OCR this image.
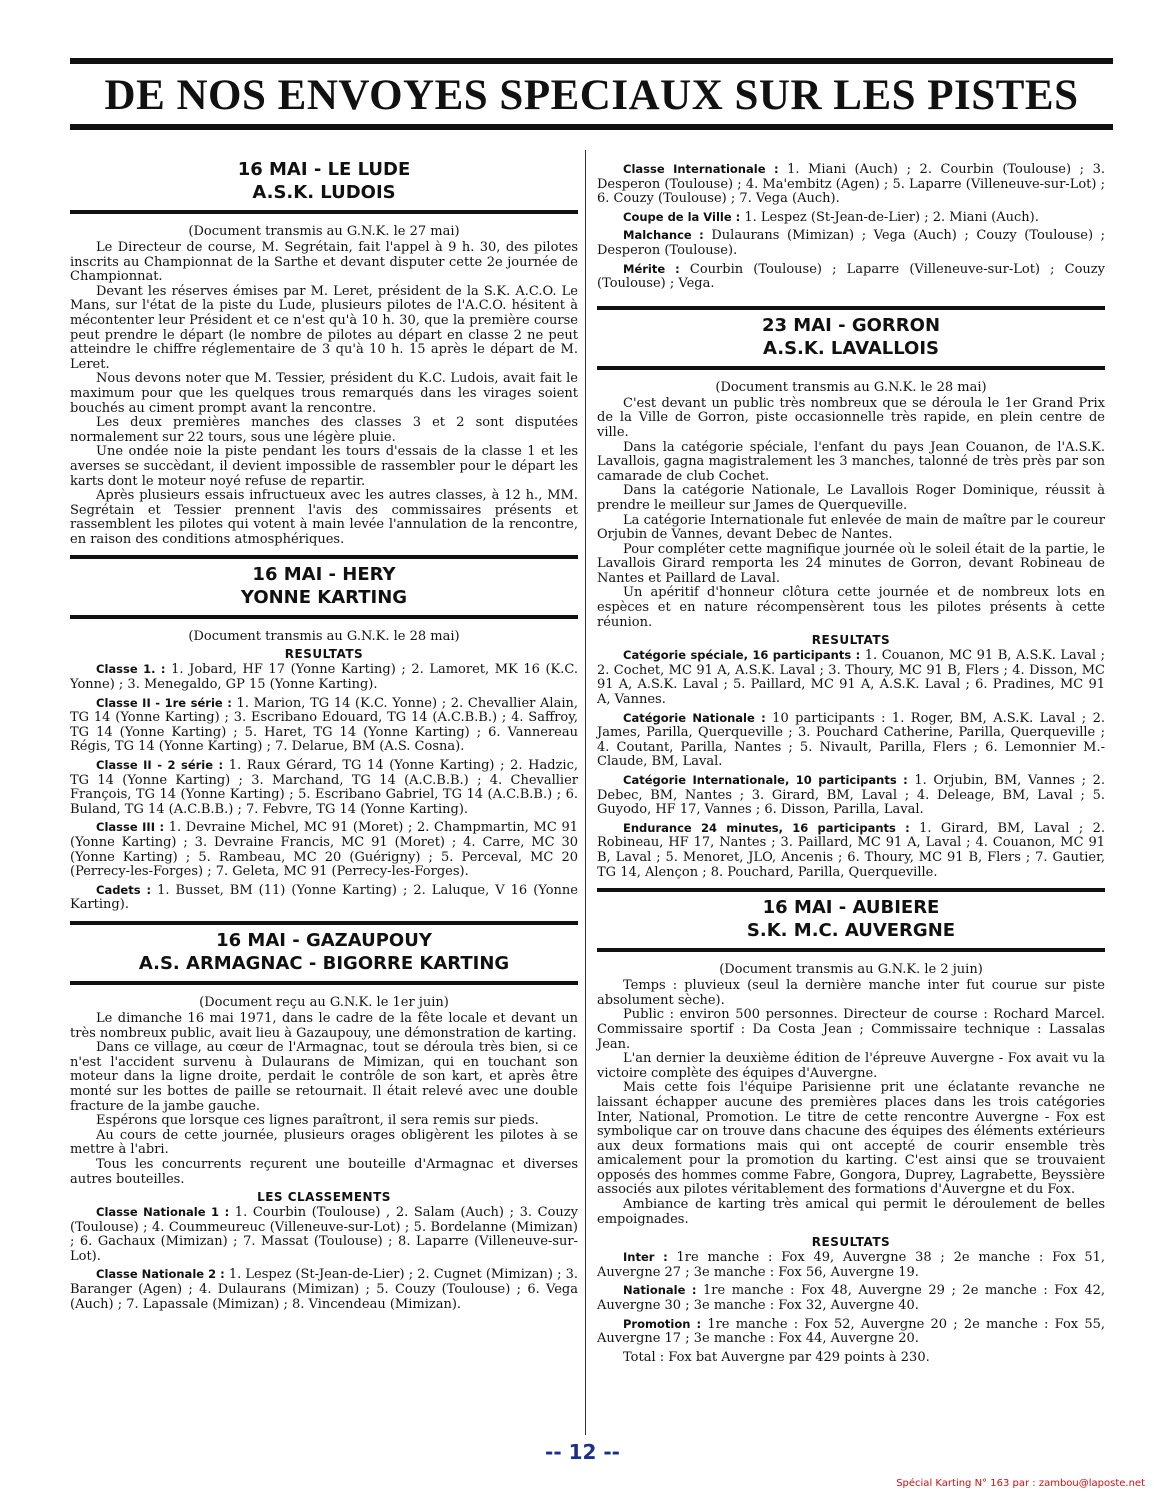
DE NOS ENVOYES SPECIAUX SUR LES PISTES
16 MAI - LE LUDE
A.S.K. LUDOIS
(Document transmis au G.N.K. le 27 mai)

Le Directeur de course, M. Segrétain, fait l'appel à 9 h. 30, des pilotes inscrits au Championnat de la Sarthe et devant disputer cette 2e journée de Championnat.

Devant les réserves émises par M. Leret, président de la S.K. A.C.O. Le Mans, sur l'état de la piste du Lude, plusieurs pilotes de l'A.C.O. hésitent à mécontenter leur Président et ce n'est qu'à 10 h. 30, que la première course peut prendre le départ (le nombre de pilotes au départ en classe 2 ne peut atteindre le chiffre réglementaire de 3 qu'à 10 h. 15 après le départ de M. Leret.

Nous devons noter que M. Tessier, président du K.C. Ludois, avait fait le maximum pour que les quelques trous remarqués dans les virages soient bouchés au ciment prompt avant la rencontre.

Les deux premières manches des classes 3 et 2 sont disputées normalement sur 22 tours, sous une légère pluie.

Une ondée noie la piste pendant les tours d'essais de la classe 1 et les averses se succèdant, il devient impossible de rassembler pour le départ les karts dont le moteur noyé refuse de repartir.

Après plusieurs essais infructueux avec les autres classes, à 12 h., MM. Segrétain et Tessier prennent l'avis des commissaires présents et rassemblent les pilotes qui votent à main levée l'annulation de la rencontre, en raison des conditions atmosphériques.

16 MAI - HERY
YONNE KARTING
(Document transmis au G.N.K. le 28 mai)
RESULTATS

Classe 1. : 1. Jobard, HF 17 (Yonne Karting) ; 2. Lamoret, MK 16 (K.C. Yonne) ; 3. Menegaldo, GP 15 (Yonne Karting).

Classe II - 1re série : 1. Marion, TG 14 (K.C. Yonne) ; 2. Chevallier Alain, TG 14 (Yonne Karting) ; 3. Escribano Edouard, TG 14 (A.C.B.B.) ; 4. Saffroy, TG 14 (Yonne Karting) ; 5. Haret, TG 14 (Yonne Karting) ; 6. Vannereau Régis, TG 14 (Yonne Karting) ; 7. Delarue, BM (A.S. Cosna).

Classe II - 2 série : 1. Raux Gérard, TG 14 (Yonne Karting) ; 2. Hadzic, TG 14 (Yonne Karting) ; 3. Marchand, TG 14 (A.C.B.B.) ; 4. Chevallier François, TG 14 (Yonne Karting) ; 5. Escribano Gabriel, TG 14 (A.C.B.B.) ; 6. Buland, TG 14 (A.C.B.B.) ; 7. Febvre, TG 14 (Yonne Karting).

Classe III : 1. Devraine Michel, MC 91 (Moret) ; 2. Champmartin, MC 91 (Yonne Karting) ; 3. Devraine Francis, MC 91 (Moret) ; 4. Carre, MC 30 (Yonne Karting) ; 5. Rambeau, MC 20 (Guérigny) ; 5. Perceval, MC 20 (Perrecy-les-Forges) ; 7. Geleta, MC 91 (Perrecy-les-Forges).

Cadets : 1. Busset, BM (11) (Yonne Karting) ; 2. Laluque, V 16 (Yonne Karting).

16 MAI - GAZAUPOUY
A.S. ARMAGNAC - BIGORRE KARTING
(Document reçu au G.N.K. le 1er juin)

Le dimanche 16 mai 1971, dans le cadre de la fête locale et devant un très nombreux public, avait lieu à Gazaupouy, une démonstration de karting.

Dans ce village, au cœur de l'Armagnac, tout se déroula très bien, si ce n'est l'accident survenu à Dulaurans de Mimizan, qui en touchant son moteur dans la ligne droite, perdait le contrôle de son kart, et après être monté sur les bottes de paille se retournait. Il était relevé avec une double fracture de la jambe gauche.

Espérons que lorsque ces lignes paraîtront, il sera remis sur pieds.

Au cours de cette journée, plusieurs orages obligèrent les pilotes à se mettre à l'abri.

Tous les concurrents reçurent une bouteille d'Armagnac et diverses autres bouteilles.

LES CLASSEMENTS

Classe Nationale 1 : 1. Courbin (Toulouse) , 2. Salam (Auch) ; 3. Couzy (Toulouse) ; 4. Coummeureuc (Villeneuve-sur-Lot) ; 5. Bordelanne (Mimizan) ; 6. Gachaux (Mimizan) ; 7. Massat (Toulouse) ; 8. Laparre (Villeneuve-sur-Lot).

Classe Nationale 2 : 1. Lespez (St-Jean-de-Lier) ; 2. Cugnet (Mimizan) ; 3. Baranger (Agen) ; 4. Dulaurans (Mimizan) ; 5. Couzy (Toulouse) ; 6. Vega (Auch) ; 7. Lapassale (Mimizan) ; 8. Vincendeau (Mimizan).

Classe Internationale : 1. Miani (Auch) ; 2. Courbin (Toulouse) ; 3. Desperon (Toulouse) ; 4. Ma'embitz (Agen) ; 5. Laparre (Villeneuve-sur-Lot) ; 6. Couzy (Toulouse) ; 7. Vega (Auch).

Coupe de la Ville : 1. Lespez (St-Jean-de-Lier) ; 2. Miani (Auch).

Malchance : Dulaurans (Mimizan) ; Vega (Auch) ; Couzy (Toulouse) ; Desperon (Toulouse).

Mérite : Courbin (Toulouse) ; Laparre (Villeneuve-sur-Lot) ; Couzy (Toulouse) ; Vega.

23 MAI - GORRON
A.S.K. LAVALLOIS
(Document transmis au G.N.K. le 28 mai)

C'est devant un public très nombreux que se déroula le 1er Grand Prix de la Ville de Gorron, piste occasionnelle très rapide, en plein centre de ville.

Dans la catégorie spéciale, l'enfant du pays Jean Couanon, de l'A.S.K. Lavallois, gagna magistralement les 3 manches, talonné de très près par son camarade de club Cochet.

Dans la catégorie Nationale, Le Lavallois Roger Dominique, réussit à prendre le meilleur sur James de Querqueville.

La catégorie Internationale fut enlevée de main de maître par le coureur Orjubin de Vannes, devant Debec de Nantes.

Pour compléter cette magnifique journée où le soleil était de la partie, le Lavallois Girard remporta les 24 minutes de Gorron, devant Robineau de Nantes et Paillard de Laval.

Un apéritif d'honneur clôtura cette journée et de nombreux lots en espèces et en nature récompensèrent tous les pilotes présents à cette réunion.

RESULTATS

Catégorie spéciale, 16 participants : 1. Couanon, MC 91 B, A.S.K. Laval ; 2. Cochet, MC 91 A, A.S.K. Laval ; 3. Thoury, MC 91 B, Flers ; 4. Disson, MC 91 A, A.S.K. Laval ; 5. Paillard, MC 91 A, A.S.K. Laval ; 6. Pradines, MC 91 A, Vannes.

Catégorie Nationale : 10 participants : 1. Roger, BM, A.S.K. Laval ; 2. James, Parilla, Querqueville ; 3. Pouchard Catherine, Parilla, Querqueville ; 4. Coutant, Parilla, Nantes ; 5. Nivault, Parilla, Flers ; 6. Lemonnier M.-Claude, BM, Laval.

Catégorie Internationale, 10 participants : 1. Orjubin, BM, Vannes ; 2. Debec, BM, Nantes ; 3. Girard, BM, Laval ; 4. Deleage, BM, Laval ; 5. Guyodo, HF 17, Vannes ; 6. Disson, Parilla, Laval.

Endurance 24 minutes, 16 participants : 1. Girard, BM, Laval ; 2. Robineau, HF 17, Nantes ; 3. Paillard, MC 91 A, Laval ; 4. Couanon, MC 91 B, Laval ; 5. Menoret, JLO, Ancenis ; 6. Thoury, MC 91 B, Flers ; 7. Gautier, TG 14, Alençon ; 8. Pouchard, Parilla, Querqueville.

16 MAI - AUBIERE
S.K. M.C. AUVERGNE
(Document transmis au G.N.K. le 2 juin)

Temps : pluvieux (seul la dernière manche inter fut courue sur piste absolument sèche).

Public : environ 500 personnes. Directeur de course : Rochard Marcel. Commissaire sportif : Da Costa Jean ; Commissaire technique : Lassalas Jean.

L'an dernier la deuxième édition de l'épreuve Auvergne - Fox avait vu la victoire complète des équipes d'Auvergne.

Mais cette fois l'équipe Parisienne prit une éclatante revanche ne laissant échapper aucune des premières places dans les trois catégories Inter, National, Promotion. Le titre de cette rencontre Auvergne - Fox est symbolique car on trouve dans chacune des équipes des éléments extérieurs aux deux formations mais qui ont accepté de courir ensemble très amicalement pour la promotion du karting. C'est ainsi que se trouvaient opposés des hommes comme Fabre, Gongora, Duprey, Lagrabette, Beyssière associés aux pilotes véritablement des formations d'Auvergne et du Fox.

Ambiance de karting très amical qui permit le déroulement de belles empoignades.

RESULTATS

Inter : 1re manche : Fox 49, Auvergne 38 ; 2e manche : Fox 51, Auvergne 27 ; 3e manche : Fox 56, Auvergne 19.

Nationale : 1re manche : Fox 48, Auvergne 29 ; 2e manche : Fox 42, Auvergne 30 ; 3e manche : Fox 32, Auvergne 40.

Promotion : 1re manche : Fox 52, Auvergne 20 ; 2e manche : Fox 55, Auvergne 17 ; 3e manche : Fox 44, Auvergne 20.

Total : Fox bat Auvergne par 429 points à 230.

-- 12 --
Spécial Karting N° 163 par : zambou@laposte.net
